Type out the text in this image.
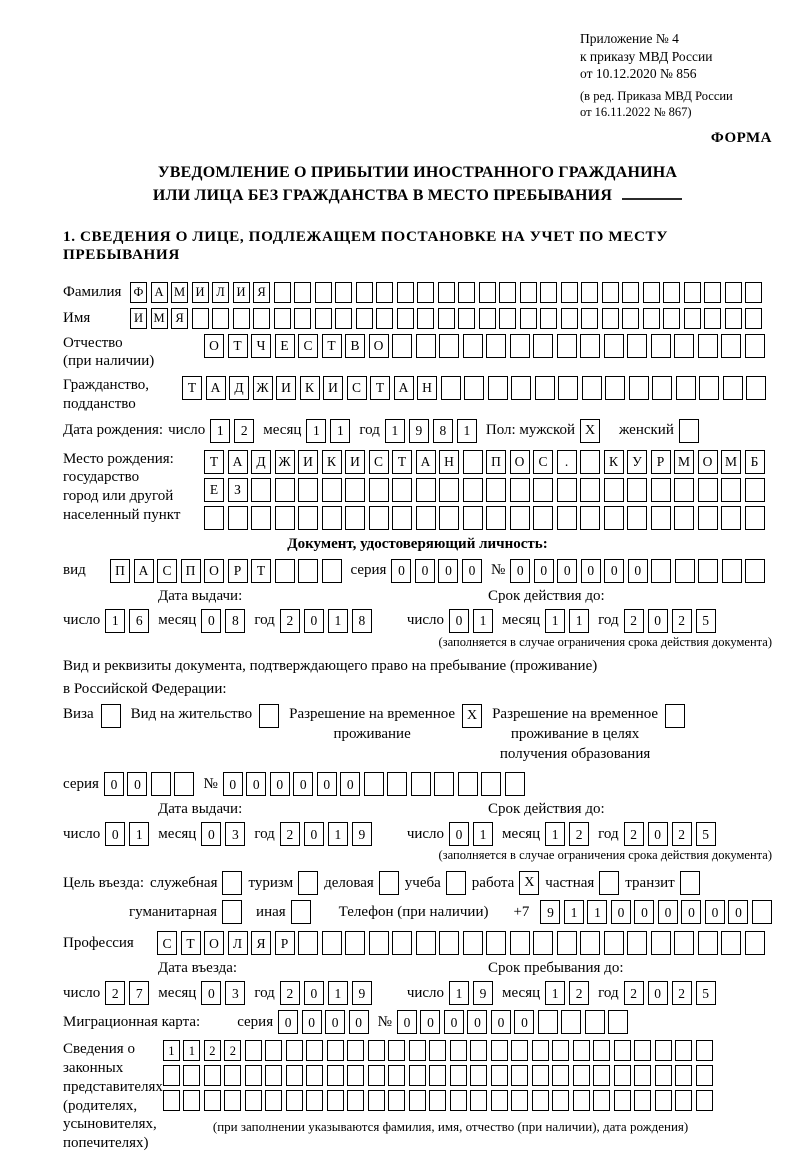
Приложение № 4
к приказу МВД России
от 10.12.2020 № 856
(в ред. Приказа МВД России
от 16.11.2022 № 867)
ФОРМА
УВЕДОМЛЕНИЕ О ПРИБЫТИИ ИНОСТРАННОГО ГРАЖДАНИНА
ИЛИ ЛИЦА БЕЗ ГРАЖДАНСТВА В МЕСТО ПРЕБЫВАНИЯ
1. СВЕДЕНИЯ О ЛИЦЕ, ПОДЛЕЖАЩЕМ ПОСТАНОВКЕ НА УЧЕТ ПО МЕСТУ ПРЕБЫВАНИЯ
Фамилия Ф А М И Л И Я
Имя	И М Я
Отчество
(при наличии)
О	Т	Ч	Е	С	Т	В	О
Гражданство,
подданство
Т	А	Д Ж И	К	И	С	Т	А	Н
Дата рождения: число 1	2	месяц 1	1	год 1	9	8	1	Пол: мужской X	женский
Место рождения:
государство
город или другой
населенный пункт
Т	А	Д Ж И	К	И	С	Т	А	Н	П	О	С	.	К	У	Р	М О М	Б
Е	З
Документ, удостоверяющий личность:
вид	П	А	С	П	О	Р	Т	серия 0	0	0	0	№ 0	0	0	0	0	0
Дата выдачи:	Срок действия до:
число 1	6	месяц 0	8	год 2	0	1	8	число 0	1	месяц 1	1	год 2	0	2	5
(заполняется в случае ограничения срока действия документа)
Вид и реквизиты документа, подтверждающего право на пребывание (проживание)
в Российской Федерации:
Виза Вид на жительство Разрешение на временное
проживание
X Разрешение на временное
проживание в целях
получения образования
серия 0	0	№ 0	0	0	0	0	0
Дата выдачи:	Срок действия до:
число 0	1	месяц 0	3	год 2	0	1	9	число 0	1	месяц 1	2	год 2	0	2	5
(заполняется в случае ограничения срока действия документа)
Цель въезда: служебная туризм деловая учеба работа X частная транзит
гуманитарная	иная	Телефон (при наличии) +7	9	1	1	0	0	0	0	0	0
Профессия	С	Т	О	Л	Я	Р
Дата въезда:	Срок пребывания до:
число 2	7	месяц 0	3	год 2	0	1	9	число 1	9	месяц 1	2	год 2	0	2	5
Миграционная карта: серия 0	0	0	0	№ 0	0	0	0	0	0
Сведения о
законных
представителях
(родителях,
усыновителях,
попечителях)
1	1	2	2
(при заполнении указываются фамилия, имя, отчество (при наличии), дата рождения)
